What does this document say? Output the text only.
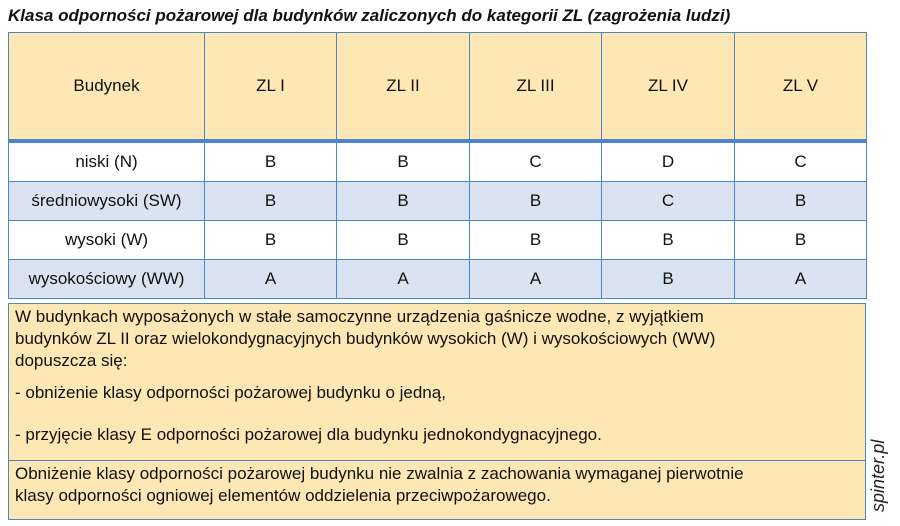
Klasa odporności pożarowej dla budynków zaliczonych do kategorii ZL (zagrożenia ludzi)
Budynek	ZL I	ZL II	ZL III	ZL IV	ZL V
niski (N)	B	B	C	D	C
średniowysoki (SW)	B	B	B	C	B
wysoki (W)	B	B	B	B	B
wysokościowy (WW)	A	A	A	B	A

W budynkach wyposażonych w stałe samoczynne urządzenia gaśnicze wodne, z wyjątkiem

budynków ZL II oraz wielokondygnacyjnych budynków wysokich (W) i wysokościowych (WW)

dopuszcza się:

- obniżenie klasy odporności pożarowej budynku o jedną,

- przyjęcie klasy E odporności pożarowej dla budynku jednokondygnacyjnego.

Obniżenie klasy odporności pożarowej budynku nie zwalnia z zachowania wymaganej pierwotnie

klasy odporności ogniowej elementów oddzielenia przeciwpożarowego.	spinter.pl
